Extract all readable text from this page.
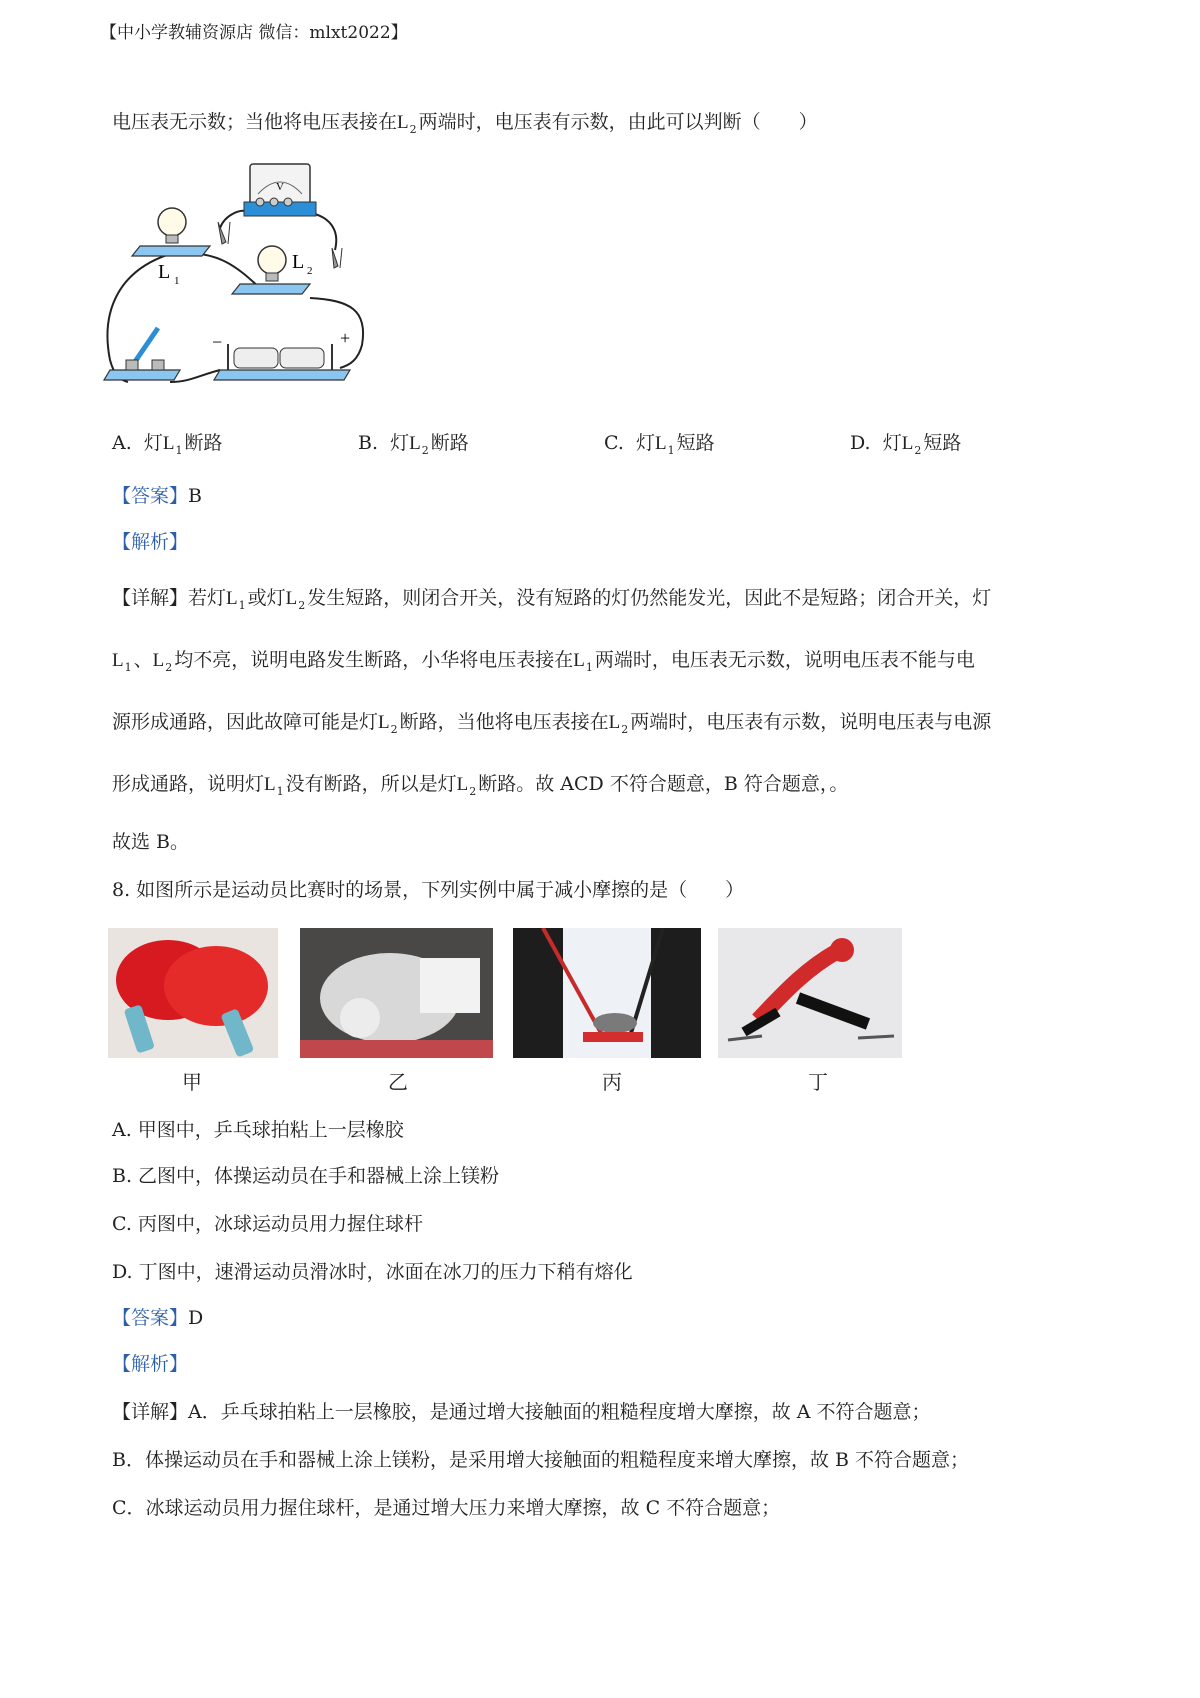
【中小学教辅资源店 微信：mlxt2022】
电压表无示数；当他将电压表接在$L_2$ 两端时，电压表有示数，由此可以判断（　　）
V
L 1
L 2
−	+
A. 灯$L_1$ 断路	B. 灯$L_2$ 断路	C. 灯$L_1$ 短路	D. 灯$L_2$ 短路
【答案】B
【解析】
【详解】若灯$L_1$ 或灯$L_2$ 发生短路，则闭合开关，没有短路的灯仍然能发光，因此不是短路；闭合开关，灯
$L_1$ 、$L_2$ 均不亮，说明电路发生断路，小华将电压表接在$L_1$ 两端时，电压表无示数，说明电压表不能与电
源形成通路，因此故障可能是灯$L_2$ 断路，当他将电压表接在$L_2$ 两端时，电压表有示数，说明电压表与电源
形成通路，说明灯$L_1$ 没有断路，所以是灯$L_2$ 断路。故 ACD 不符合题意，B 符合题意，。
故选 B。
8. 如图所示是运动员比赛时的场景，下列实例中属于减小摩擦的是（　　）
甲	乙	丙	丁
A. 甲图中，乒乓球拍粘上一层橡胶
B. 乙图中，体操运动员在手和器械上涂上镁粉
C. 丙图中，冰球运动员用力握住球杆
D. 丁图中，速滑运动员滑冰时，冰面在冰刀的压力下稍有熔化
【答案】D
【解析】
【详解】A．乒乓球拍粘上一层橡胶，是通过增大接触面的粗糙程度增大摩擦，故 A 不符合题意；
B．体操运动员在手和器械上涂上镁粉，是采用增大接触面的粗糙程度来增大摩擦，故 B 不符合题意；
C．冰球运动员用力握住球杆，是通过增大压力来增大摩擦，故 C 不符合题意；
